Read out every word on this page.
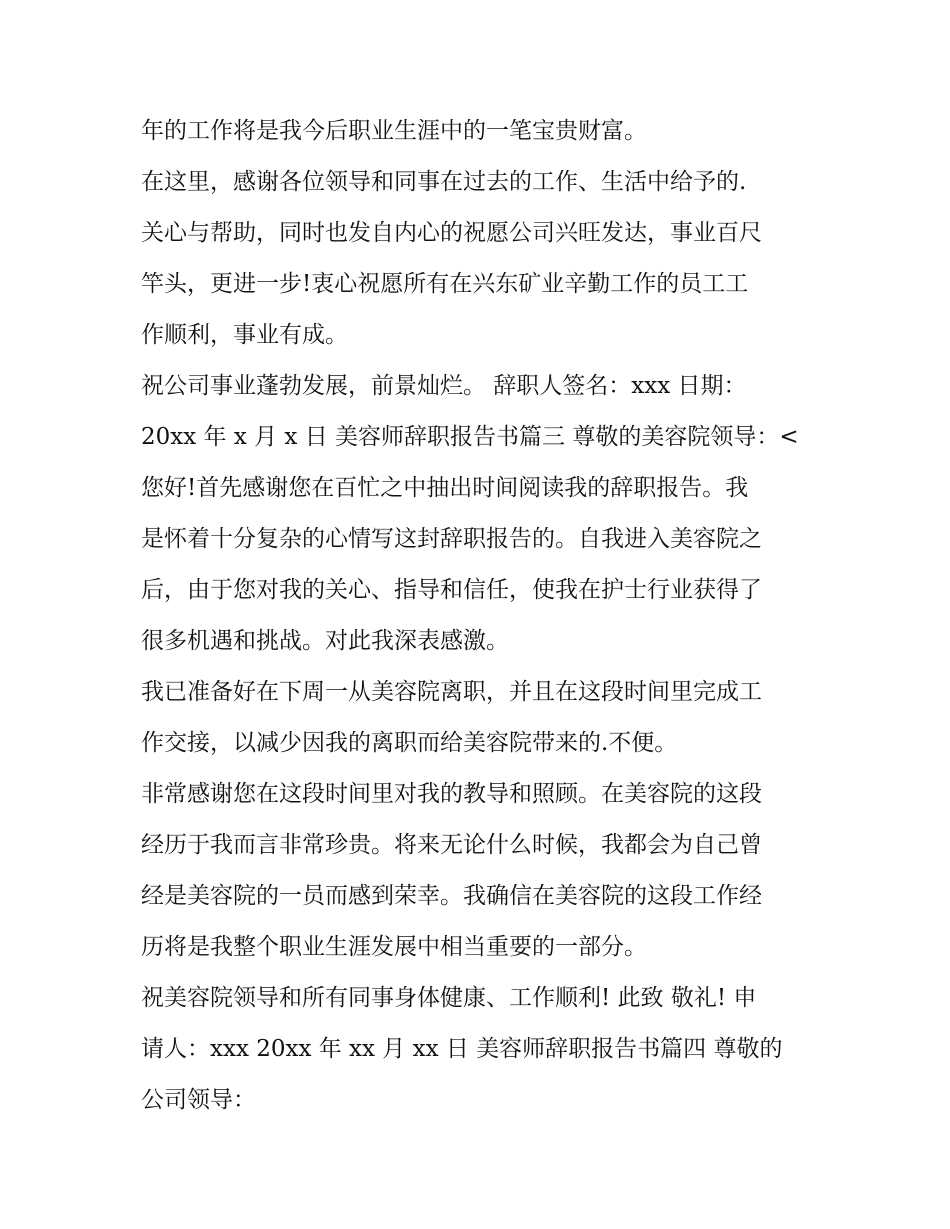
年的工作将是我今后职业生涯中的一笔宝贵财富。
在这里，感谢各位领导和同事在过去的工作、生活中给予的.
关心与帮助，同时也发自内心的祝愿公司兴旺发达，事业百尺
竿头，更进一步!衷心祝愿所有在兴东矿业辛勤工作的员工工
作顺利，事业有成。
祝公司事业蓬勃发展，前景灿烂。 辞职人签名：xxx 日期：
20xx 年 x 月 x 日 美容师辞职报告书篇三 尊敬的美容院领导：<
您好!首先感谢您在百忙之中抽出时间阅读我的辞职报告。我
是怀着十分复杂的心情写这封辞职报告的。自我进入美容院之
后，由于您对我的关心、指导和信任，使我在护士行业获得了
很多机遇和挑战。对此我深表感激。
我已准备好在下周一从美容院离职，并且在这段时间里完成工
作交接，以减少因我的离职而给美容院带来的.不便。
非常感谢您在这段时间里对我的教导和照顾。在美容院的这段
经历于我而言非常珍贵。将来无论什么时候，我都会为自己曾
经是美容院的一员而感到荣幸。我确信在美容院的这段工作经
历将是我整个职业生涯发展中相当重要的一部分。
祝美容院领导和所有同事身体健康、工作顺利! 此致 敬礼! 申
请人：xxx 20xx 年 xx 月 xx 日 美容师辞职报告书篇四 尊敬的
公司领导：
